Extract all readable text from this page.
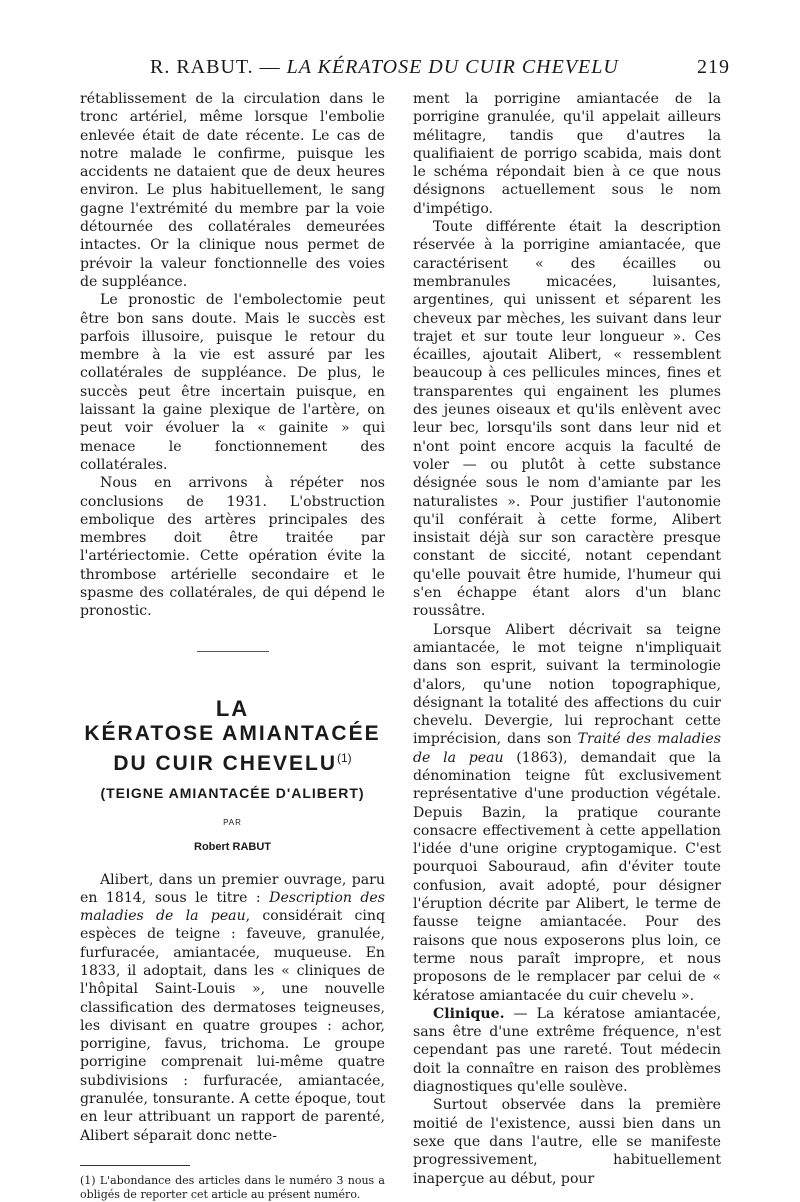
R. RABUT. — LA KÉRATOSE DU CUIR CHEVELU	219

rétablissement de la circulation dans le tronc artériel, même lorsque l'embolie enlevée était de date récente. Le cas de notre malade le confirme, puisque les accidents ne dataient que de deux heures environ. Le plus habituellement, le sang gagne l'extrémité du membre par la voie détournée des collatérales demeurées intactes. Or la clinique nous permet de prévoir la valeur fonctionnelle des voies de suppléance.

Le pronostic de l'embolectomie peut être bon sans doute. Mais le succès est parfois illusoire, puisque le retour du membre à la vie est assuré par les collatérales de suppléance. De plus, le succès peut être incertain puisque, en laissant la gaine plexique de l'artère, on peut voir évoluer la « gainite » qui menace le fonctionnement des collatérales.

Nous en arrivons à répéter nos conclusions de 1931. L'obstruction embolique des artères principales des membres doit être traitée par l'artériectomie. Cette opération évite la thrombose artérielle secondaire et le spasme des collatérales, de qui dépend le pronostic.

LA
KÉRATOSE AMIANTACÉE
DU CUIR CHEVELU$^{(1)}$
(TEIGNE AMIANTACÉE D'ALIBERT)
PAR
Robert RABUT

Alibert, dans un premier ouvrage, paru en 1814, sous le titre : Description des maladies de la peau, considérait cinq espèces de teigne : faveuve, granulée, furfuracée, amiantacée, muqueuse. En 1833, il adoptait, dans les « cliniques de l'hôpital Saint-Louis », une nouvelle classification des dermatoses teigneuses, les divisant en quatre groupes : achor, porrigine, favus, trichoma. Le groupe porrigine comprenait lui-même quatre subdivisions : furfuracée, amiantacée, granulée, tonsurante. A cette époque, tout en leur attribuant un rapport de parenté, Alibert séparait donc nette-

(1) L'abondance des articles dans le numéro 3 nous a obligés de reporter cet article au présent numéro.

ment la porrigine amiantacée de la porrigine granulée, qu'il appelait ailleurs mélitagre, tandis que d'autres la qualifiaient de porrigo scabida, mais dont le schéma répondait bien à ce que nous désignons actuellement sous le nom d'impétigo.

Toute différente était la description réservée à la porrigine amiantacée, que caractérisent « des écailles ou membranules micacées, luisantes, argentines, qui unissent et séparent les cheveux par mèches, les suivant dans leur trajet et sur toute leur longueur ». Ces écailles, ajoutait Alibert, « ressemblent beaucoup à ces pellicules minces, fines et transparentes qui engainent les plumes des jeunes oiseaux et qu'ils enlèvent avec leur bec, lorsqu'ils sont dans leur nid et n'ont point encore acquis la faculté de voler — ou plutôt à cette substance désignée sous le nom d'amiante par les naturalistes ». Pour justifier l'autonomie qu'il conférait à cette forme, Alibert insistait déjà sur son caractère presque constant de siccité, notant cependant qu'elle pouvait être humide, l'humeur qui s'en échappe étant alors d'un blanc roussâtre.

Lorsque Alibert décrivait sa teigne amiantacée, le mot teigne n'impliquait dans son esprit, suivant la terminologie d'alors, qu'une notion topographique, désignant la totalité des affections du cuir chevelu. Devergie, lui reprochant cette imprécision, dans son Traité des maladies de la peau (1863), demandait que la dénomination teigne fût exclusivement représentative d'une production végétale. Depuis Bazin, la pratique courante consacre effectivement à cette appellation l'idée d'une origine cryptogamique. C'est pourquoi Sabouraud, afin d'éviter toute confusion, avait adopté, pour désigner l'éruption décrite par Alibert, le terme de fausse teigne amiantacée. Pour des raisons que nous exposerons plus loin, ce terme nous paraît impropre, et nous proposons de le remplacer par celui de « kératose amiantacée du cuir chevelu ».

Clinique. — La kératose amiantacée, sans être d'une extrême fréquence, n'est cependant pas une rareté. Tout médecin doit la connaître en raison des problèmes diagnostiques qu'elle soulève.

Surtout observée dans la première moitié de l'existence, aussi bien dans un sexe que dans l'autre, elle se manifeste progressivement, habituellement inaperçue au début, pour
